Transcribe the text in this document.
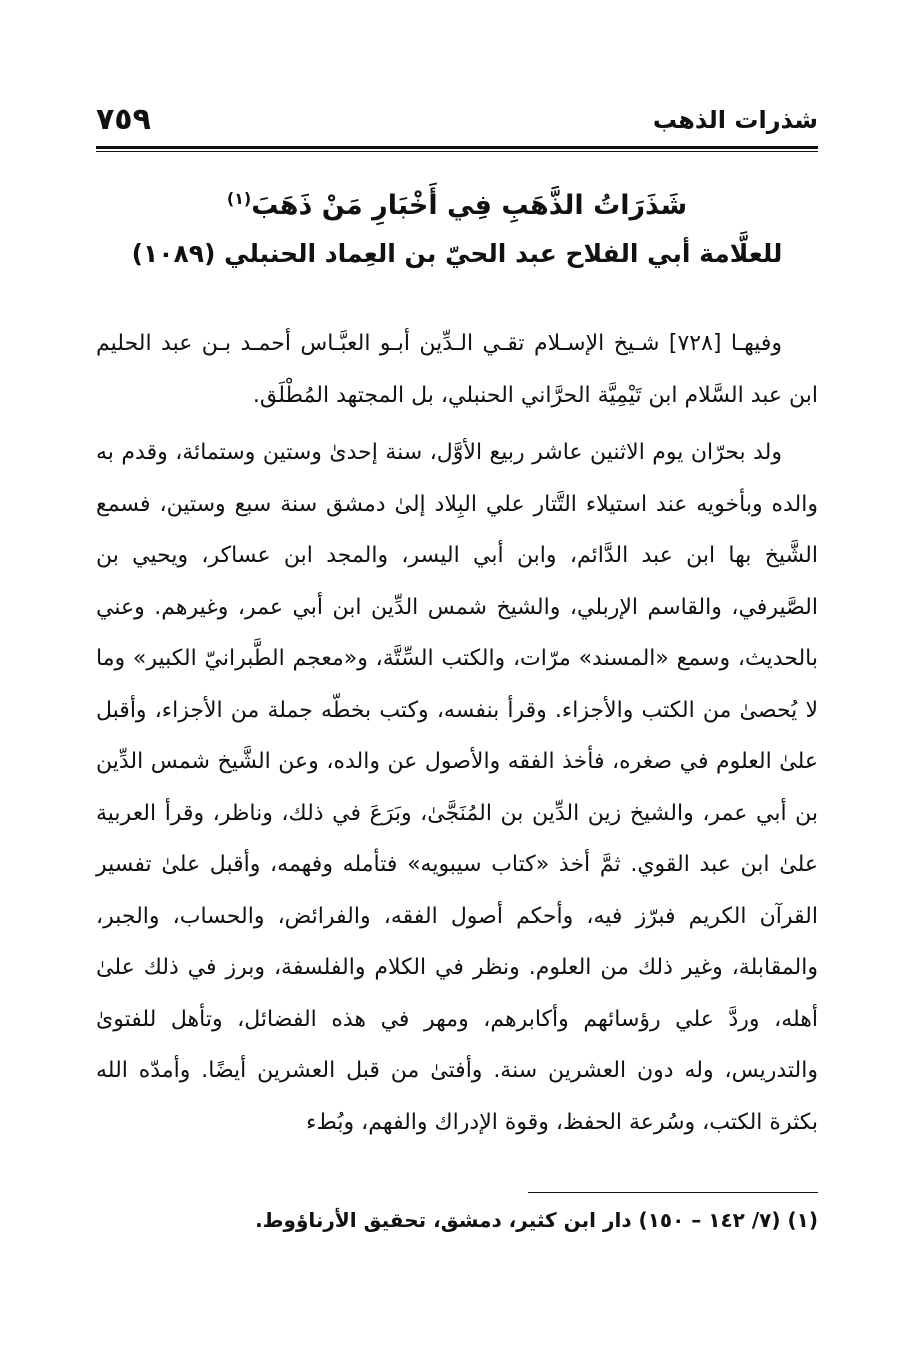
شذرات الذهب
٧٥٩
شَذَرَاتُ الذَّهَبِ فِي أَخْبَارِ مَنْ ذَهَبَ$^{(١)}$
للعلَّامة أبي الفلاح عبد الحيّ بن العِماد الحنبلي (١٠٨٩)

وفيهـا [٧٢٨] شـيخ الإسـلام تقـي الـدِّين أبـو العبَّـاس أحمـد بـن عبد الحليم ابن عبد السَّلام ابن تَيْمِيَّة الحرَّاني الحنبلي، بل المجتهد المُطْلَق.

ولد بحرّان يوم الاثنين عاشر ربيع الأوَّل، سنة إحدىٰ وستين وستمائة، وقدم به والده وبأخويه عند استيلاء التَّتار علي البِلاد إلىٰ دمشق سنة سبع وستين، فسمع الشَّيخ بها ابن عبد الدَّائم، وابن أبي اليسر، والمجد ابن عساكر، ويحيي بن الصَّيرفي، والقاسم الإربلي، والشيخ شمس الدِّين ابن أبي عمر، وغيرهم. وعني بالحديث، وسمع «المسند» مرّات، والكتب السِّتَّة، و«معجم الطَّبرانيّ الكبير» وما لا يُحصىٰ من الكتب والأجزاء. وقرأ بنفسه، وكتب بخطّه جملة من الأجزاء، وأقبل علىٰ العلوم في صغره، فأخذ الفقه والأصول عن والده، وعن الشَّيخ شمس الدِّين بن أبي عمر، والشيخ زين الدِّين بن المُنَجَّىٰ، وبَرَعَ في ذلك، وناظر، وقرأ العربية علىٰ ابن عبد القوي. ثمَّ أخذ «كتاب سيبويه» فتأمله وفهمه، وأقبل علىٰ تفسير القرآن الكريم فبرّز فيه، وأحكم أصول الفقه، والفرائض، والحساب، والجبر، والمقابلة، وغير ذلك من العلوم. ونظر في الكلام والفلسفة، وبرز في ذلك علىٰ أهله، وردَّ علي رؤسائهم وأكابرهم، ومهر في هذه الفضائل، وتأهل للفتوىٰ والتدريس، وله دون العشرين سنة. وأفتىٰ من قبل العشرين أيضًا. وأمدّه الله بكثرة الكتب، وسُرعة الحفظ، وقوة الإدراك والفهم، وبُطء

(١) (٧/ ١٤٢ – ١٥٠) دار ابن كثير، دمشق، تحقيق الأرناؤوط.
